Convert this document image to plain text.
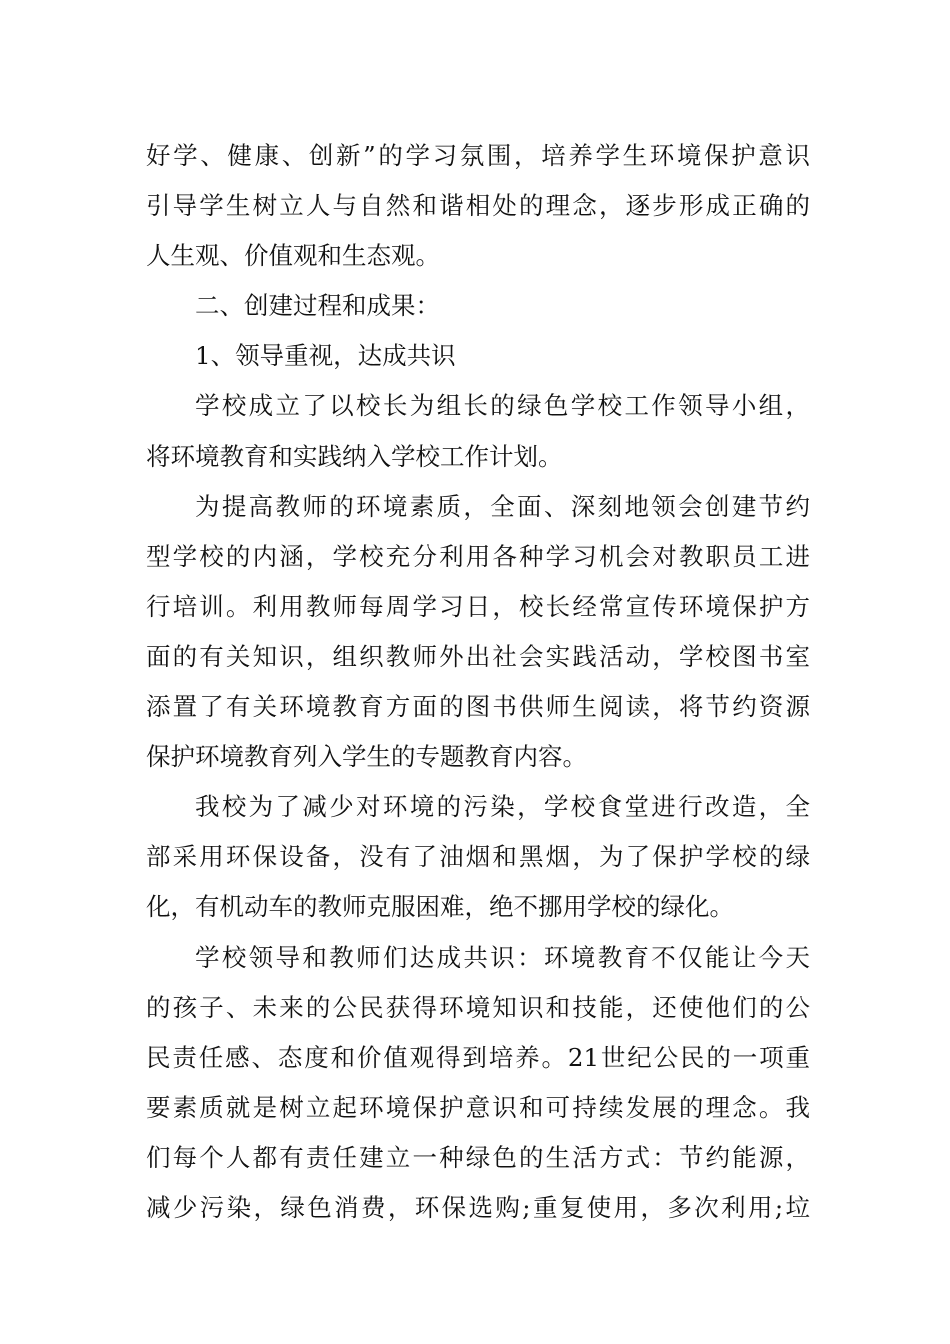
好学、健康、创新”的学习氛围，培养学生环境保护意识
引导学生树立人与自然和谐相处的理念，逐步形成正确的
人生观、价值观和生态观。
二、创建过程和成果：
1、领导重视，达成共识
学校成立了以校长为组长的绿色学校工作领导小组，
将环境教育和实践纳入学校工作计划。
为提高教师的环境素质，全面、深刻地领会创建节约
型学校的内涵，学校充分利用各种学习机会对教职员工进
行培训。利用教师每周学习日，校长经常宣传环境保护方
面的有关知识，组织教师外出社会实践活动，学校图书室
添置了有关环境教育方面的图书供师生阅读，将节约资源
保护环境教育列入学生的专题教育内容。
我校为了减少对环境的污染，学校食堂进行改造，全
部采用环保设备，没有了油烟和黑烟，为了保护学校的绿
化，有机动车的教师克服困难，绝不挪用学校的绿化。
学校领导和教师们达成共识：环境教育不仅能让今天
的孩子、未来的公民获得环境知识和技能，还使他们的公
民责任感、态度和价值观得到培养。21世纪公民的一项重
要素质就是树立起环境保护意识和可持续发展的理念。我
们每个人都有责任建立一种绿色的生活方式：节约能源，
减少污染，绿色消费，环保选购;重复使用，多次利用;垃
